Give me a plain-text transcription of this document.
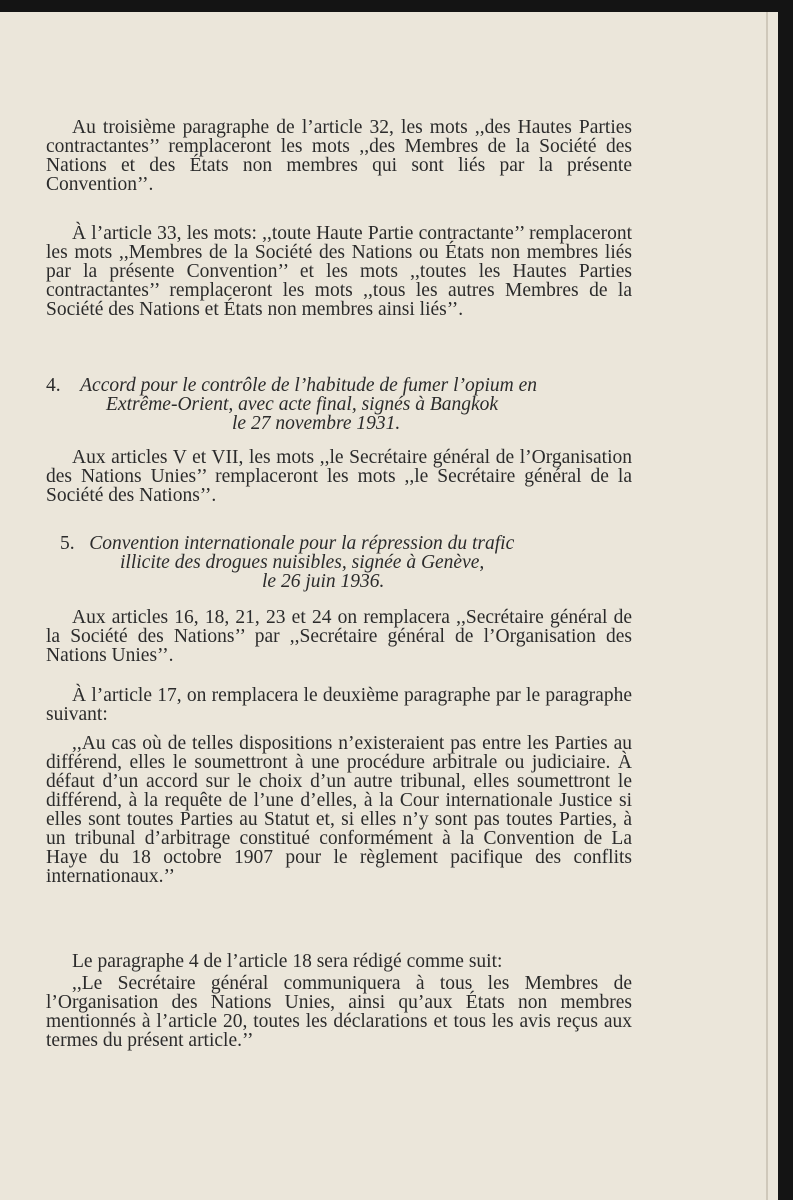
Au troisième paragraphe de l’article 32, les mots ,,des Hautes Parties contractantes’’ remplaceront les mots ,,des Membres de la Société des Nations et des États non membres qui sont liés par la présente Convention’’.

À l’article 33, les mots: ,,toute Haute Partie contractante’’ remplaceront les mots ,,Membres de la Société des Nations ou États non membres liés par la présente Convention’’ et les mots ,,toutes les Hautes Parties contractantes’’ remplaceront les mots ,,tous les autres Membres de la Société des Nations et États non membres ainsi liés’’.

4. Accord pour le contrôle de l’habitude de fumer l’opium en
Extrême-Orient, avec acte final, signés à Bangkok
le 27 novembre 1931.

Aux articles V et VII, les mots ,,le Secrétaire général de l’Organisation des Nations Unies’’ remplaceront les mots ,,le Secrétaire général de la Société des Nations’’.

5. Convention internationale pour la répression du trafic
illicite des drogues nuisibles, signée à Genève,
le 26 juin 1936.

Aux articles 16, 18, 21, 23 et 24 on remplacera ,,Secrétaire général de la Société des Nations’’ par ,,Secrétaire général de l’Organisation des Nations Unies’’.

À l’article 17, on remplacera le deuxième paragraphe par le paragraphe suivant:

,,Au cas où de telles dispositions n’existeraient pas entre les Parties au différend, elles le soumettront à une procédure arbitrale ou judiciaire. À défaut d’un accord sur le choix d’un autre tribunal, elles soumettront le différend, à la requête de l’une d’elles, à la Cour internationale Justice si elles sont toutes Parties au Statut et, si elles n’y sont pas toutes Parties, à un tribunal d’arbitrage constitué conformément à la Convention de La Haye du 18 octobre 1907 pour le règlement pacifique des conflits internationaux.’’

Le paragraphe 4 de l’article 18 sera rédigé comme suit:

,,Le Secrétaire général communiquera à tous les Membres de l’Organisation des Nations Unies, ainsi qu’aux États non membres mentionnés à l’article 20, toutes les déclarations et tous les avis reçus aux termes du présent article.’’
